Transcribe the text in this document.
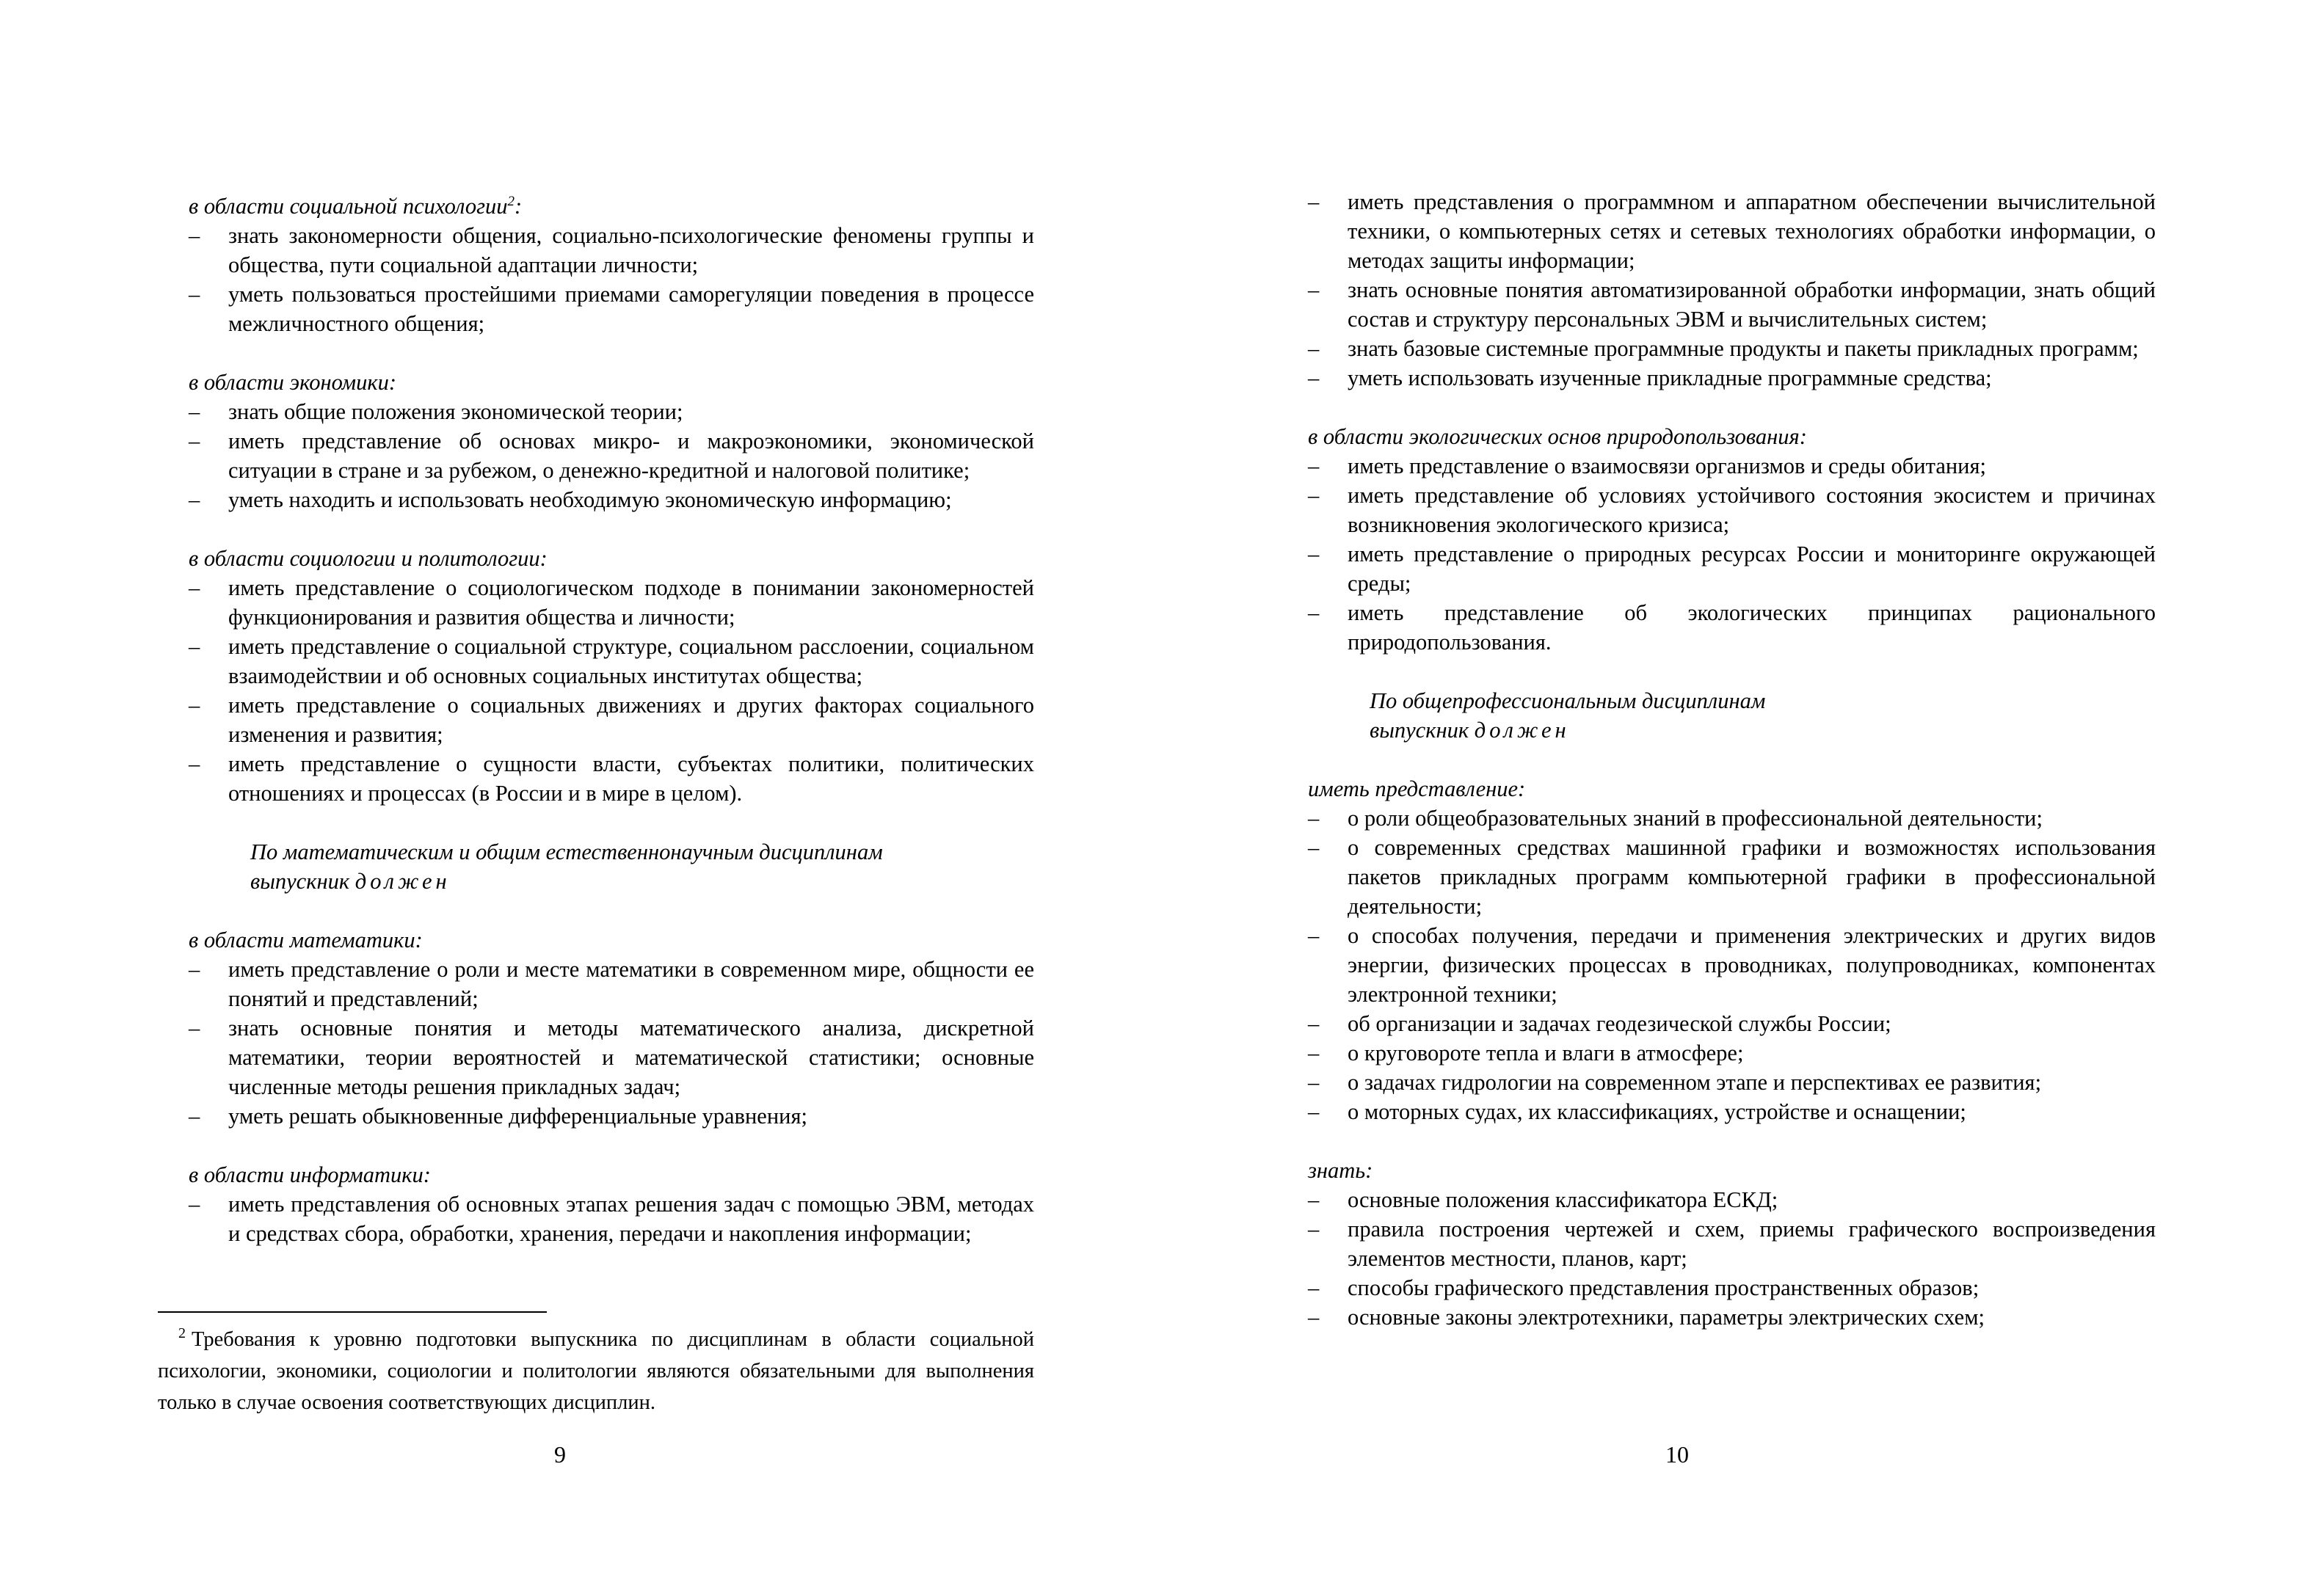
в области социальной психологии$^2$:

– знать закономерности общения, социально-психологические феномены группы и общества, пути социальной адаптации личности;
– уметь пользоваться простейшими приемами саморегуляции поведения в процессе межличностного общения;

в области экономики:

– знать общие положения экономической теории;
– иметь представление об основах микро- и макроэкономики, экономической ситуации в стране и за рубежом, о денежно-кредитной и налоговой политике;
– уметь находить и использовать необходимую экономическую информацию;

в области социологии и политологии:

– иметь представление о социологическом подходе в понимании закономерностей функционирования и развития общества и личности;
– иметь представление о социальной структуре, социальном расслоении, социальном взаимодействии и об основных социальных институтах общества;
– иметь представление о социальных движениях и других факторах социального изменения и развития;
– иметь представление о сущности власти, субъектах политики, политических отношениях и процессах (в России и в мире в целом).
По математическим и общим естественнонаучным дисциплинам
выпускник должен

в области математики:

– иметь представление о роли и месте математики в современном мире, общности ее понятий и представлений;
– знать основные понятия и методы математического анализа, дискретной математики, теории вероятностей и математической статистики; основные численные методы решения прикладных задач;
– уметь решать обыкновенные дифференциальные уравнения;

в области информатики:

– иметь представления об основных этапах решения задач с помощью ЭВМ, методах и средствах сбора, обработки, хранения, передачи и накопления информации;
$^2$ Требования к уровню подготовки выпускника по дисциплинам в области социальной психологии, экономики, социологии и политологии являются обязательными для выполнения только в случае освоения соответствующих дисциплин.
9
– иметь представления о программном и аппаратном обеспечении вычислительной техники, о компьютерных сетях и сетевых технологиях обработки информации, о методах защиты информации;
– знать основные понятия автоматизированной обработки информации, знать общий состав и структуру персональных ЭВМ и вычислительных систем;
– знать базовые системные программные продукты и пакеты прикладных программ;
– уметь использовать изученные прикладные программные средства;

в области экологических основ природопользования:

– иметь представление о взаимосвязи организмов и среды обитания;
– иметь представление об условиях устойчивого состояния экосистем и причинах возникновения экологического кризиса;
– иметь представление о природных ресурсах России и мониторинге окружающей среды;
– иметь представление об экологических принципах рационального природопользования.
По общепрофессиональным дисциплинам
выпускник должен

иметь представление:

– о роли общеобразовательных знаний в профессиональной деятельности;
– о современных средствах машинной графики и возможностях использования пакетов прикладных программ компьютерной графики в профессиональной деятельности;
– о способах получения, передачи и применения электрических и других видов энергии, физических процессах в проводниках, полупроводниках, компонентах электронной техники;
– об организации и задачах геодезической службы России;
– о круговороте тепла и влаги в атмосфере;
– о задачах гидрологии на современном этапе и перспективах ее развития;
– о моторных судах, их классификациях, устройстве и оснащении;

знать:

– основные положения классификатора ЕСКД;
– правила построения чертежей и схем, приемы графического воспроизведения элементов местности, планов, карт;
– способы графического представления пространственных образов;
– основные законы электротехники, параметры электрических схем;
10
